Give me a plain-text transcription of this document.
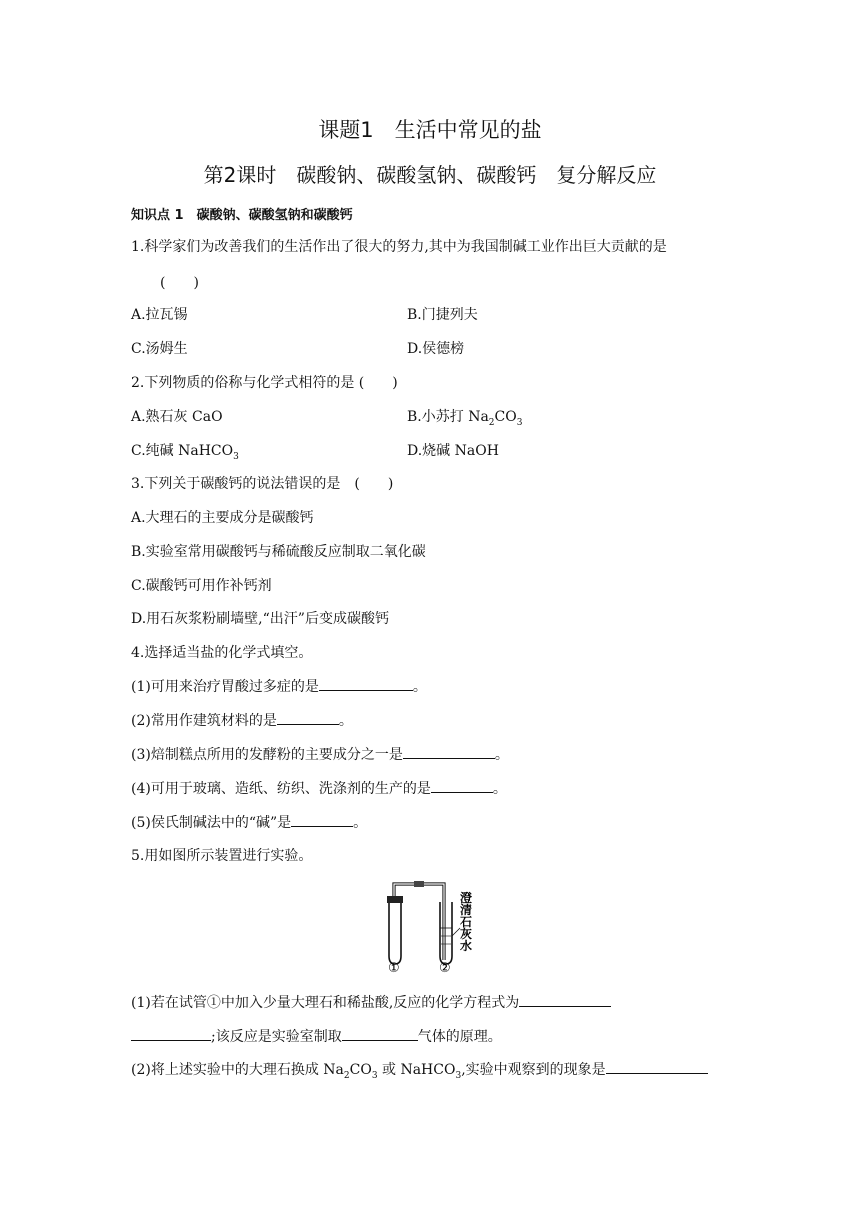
课题1　生活中常见的盐
第2课时　碳酸钠、碳酸氢钠、碳酸钙　复分解反应
知识点 1　碳酸钠、碳酸氢钠和碳酸钙
1.科学家们为改善我们的生活作出了很大的努力,其中为我国制碱工业作出巨大贡献的是
(　　)
A.拉瓦锡	B.门捷列夫
C.汤姆生	D.侯德榜
2.下列物质的俗称与化学式相符的是 (　　)
A.熟石灰 CaO	B.小苏打 $Na_2CO_3$
C.纯碱 NaHCO$_3$	D.烧碱 NaOH
3.下列关于碳酸钙的说法错误的是　(　　)
A.大理石的主要成分是碳酸钙
B.实验室常用碳酸钙与稀硫酸反应制取二氧化碳
C.碳酸钙可用作补钙剂
D.用石灰浆粉刷墙壁,“出汗”后变成碳酸钙
4.选择适当盐的化学式填空。
(1)可用来治疗胃酸过多症的是	。
(2)常用作建筑材料的是	。
(3)焙制糕点所用的发酵粉的主要成分之一是	。
(4)可用于玻璃、造纸、纺织、洗涤剂的生产的是	。
(5)侯氏制碱法中的“碱”是	。
5.用如图所示装置进行实验。
澄
清
石
灰
水
①	②
(1)若在试管①中加入少量大理石和稀盐酸,反应的化学方程式为
;该反应是实验室制取	气体的原理。
(2)将上述实验中的大理石换成 $Na_2CO_3$ 或 NaHCO$_3$,实验中观察到的现象是
